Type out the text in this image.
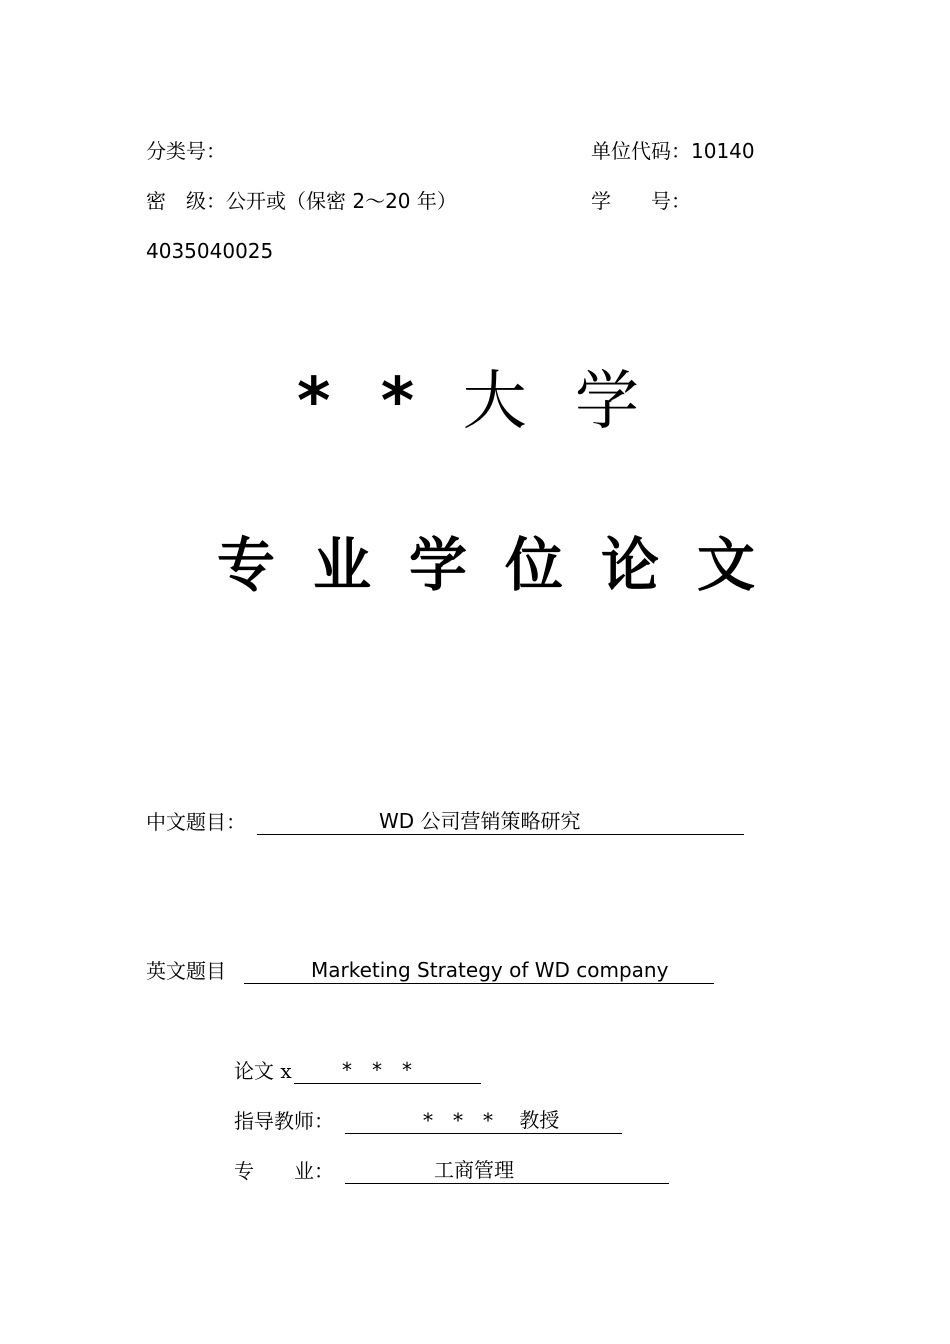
分类号：	单位代码：10140
密　级：公开或（保密 2～20 年）	学　　号：
4035040025
* * 大 学
专业学位论文
中文题目：	WD 公司营销策略研究
英文题目	Marketing Strategy of WD company
论文 x	*　*　*
指导教师：	*　*　*　 教授
专　　业：	工商管理
